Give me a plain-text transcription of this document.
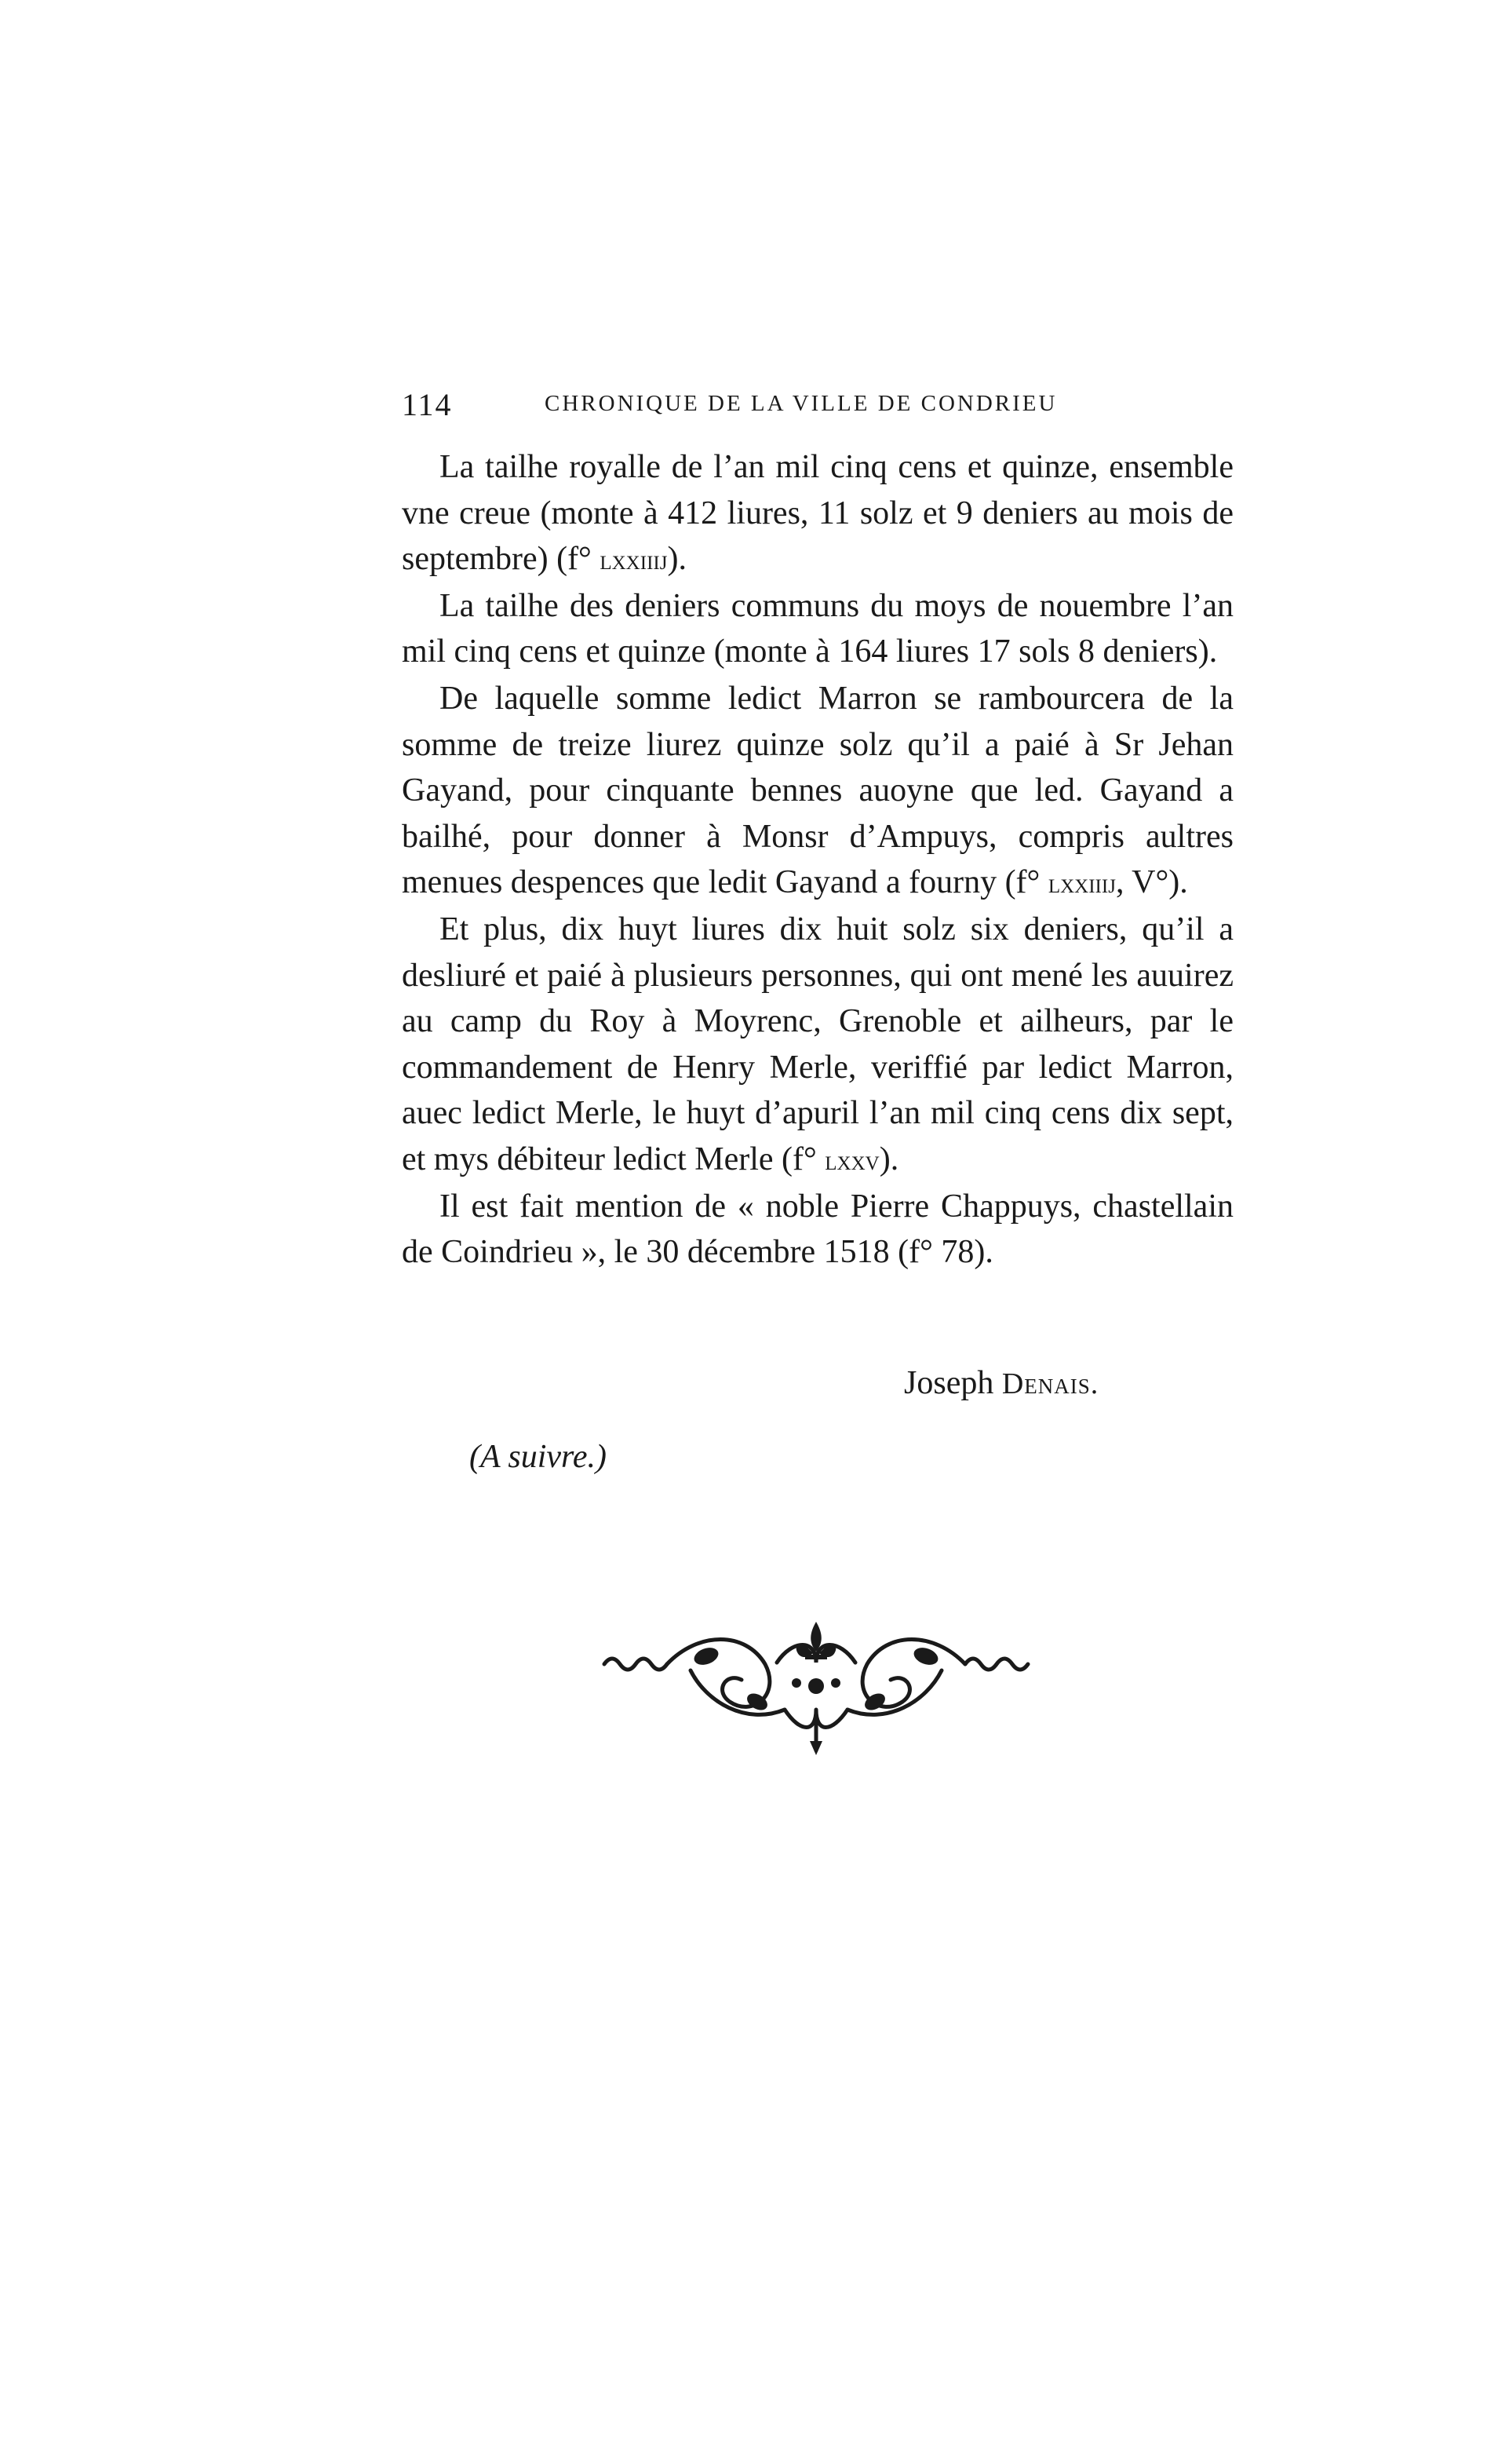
114	CHRONIQUE DE LA VILLE DE CONDRIEU

La tailhe royalle de l’an mil cinq cens et quinze, ensemble vne creue (monte à 412 liures, 11 solz et 9 deniers au mois de septembre) (f° lxxiiij).

La tailhe des deniers communs du moys de nouembre l’an mil cinq cens et quinze (monte à 164 liures 17 sols 8 deniers).

De laquelle somme ledict Marron se rambourcera de la somme de treize liurez quinze solz qu’il a paié à Sr Jehan Gayand, pour cinquante bennes auoyne que led. Gayand a bailhé, pour donner à Monsr d’Ampuys, compris aultres menues despences que ledit Gayand a fourny (f° lxxiiij, V°).

Et plus, dix huyt liures dix huit solz six deniers, qu’il a desliuré et paié à plusieurs personnes, qui ont mené les auuirez au camp du Roy à Moyrenc, Grenoble et ailheurs, par le commandement de Henry Merle, veriffié par ledict Marron, auec ledict Merle, le huyt d’apuril l’an mil cinq cens dix sept, et mys débiteur ledict Merle (f° lxxv).

Il est fait mention de « noble Pierre Chappuys, chastellain de Coindrieu », le 30 décembre 1518 (f° 78).

Joseph Denais.
(A suivre.)
